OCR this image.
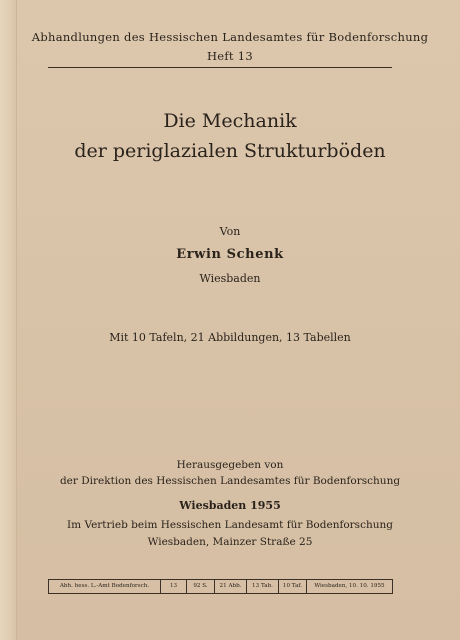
Abhandlungen des Hessischen Landesamtes für Bodenforschung
Heft 13
Die Mechanik
der periglazialen Strukturböden
Von
Erwin Schenk
Wiesbaden
Mit 10 Tafeln, 21 Abbildungen, 13 Tabellen
Herausgegeben von
der Direktion des Hessischen Landesamtes für Bodenforschung
Wiesbaden 1955
Im Vertrieb beim Hessischen Landesamt für Bodenforschung
Wiesbaden, Mainzer Straße 25
Abh. hess. L.-Amt Bodenforsch.	13	92 S.	21 Abb.	13 Tab.	10 Taf.	Wiesbaden, 10. 10. 1955
